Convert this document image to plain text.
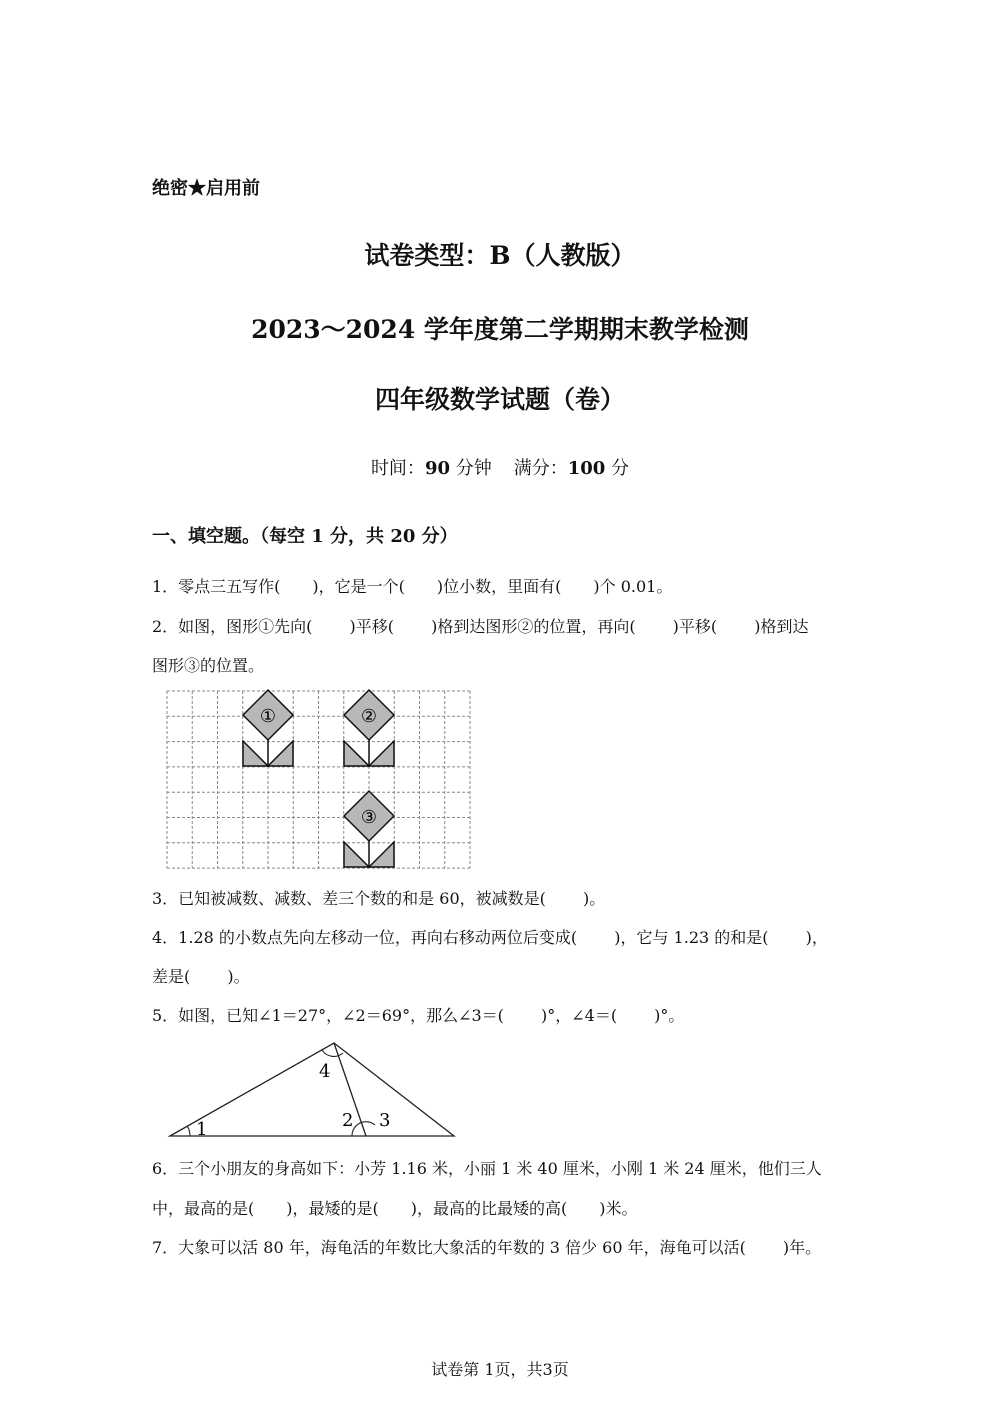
绝密★启用前
试卷类型：B（人教版）
2023～2024 学年度第二学期期末教学检测
四年级数学试题（卷）
时间：90 分钟 满分：100 分
一、填空题。（每空 1 分，共 20 分）
1．零点三五写作(　　)，它是一个(　　)位小数，里面有(　　)个 0.01。
2．如图，图形①先向(　　 )平移(　　 )格到达图形②的位置，再向(　　 )平移(　　 )格到达
图形③的位置。
①	②
③
3．已知被减数、减数、差三个数的和是 60，被减数是(　　 )。
4．1.28 的小数点先向左移动一位，再向右移动两位后变成(　　 )，它与 1.23 的和是(　　 )，
差是(　　 )。
5．如图，已知∠1＝27°，∠2＝69°，那么∠3＝(　　 )°，∠4＝(　　 )°。
1	2 3
4
6．三个小朋友的身高如下：小芳 1.16 米，小丽 1 米 40 厘米，小刚 1 米 24 厘米，他们三人
中，最高的是(　　)，最矮的是(　　)，最高的比最矮的高(　　)米。
7．大象可以活 80 年，海龟活的年数比大象活的年数的 3 倍少 60 年，海龟可以活(　　 )年。
试卷第 1页，共3页
